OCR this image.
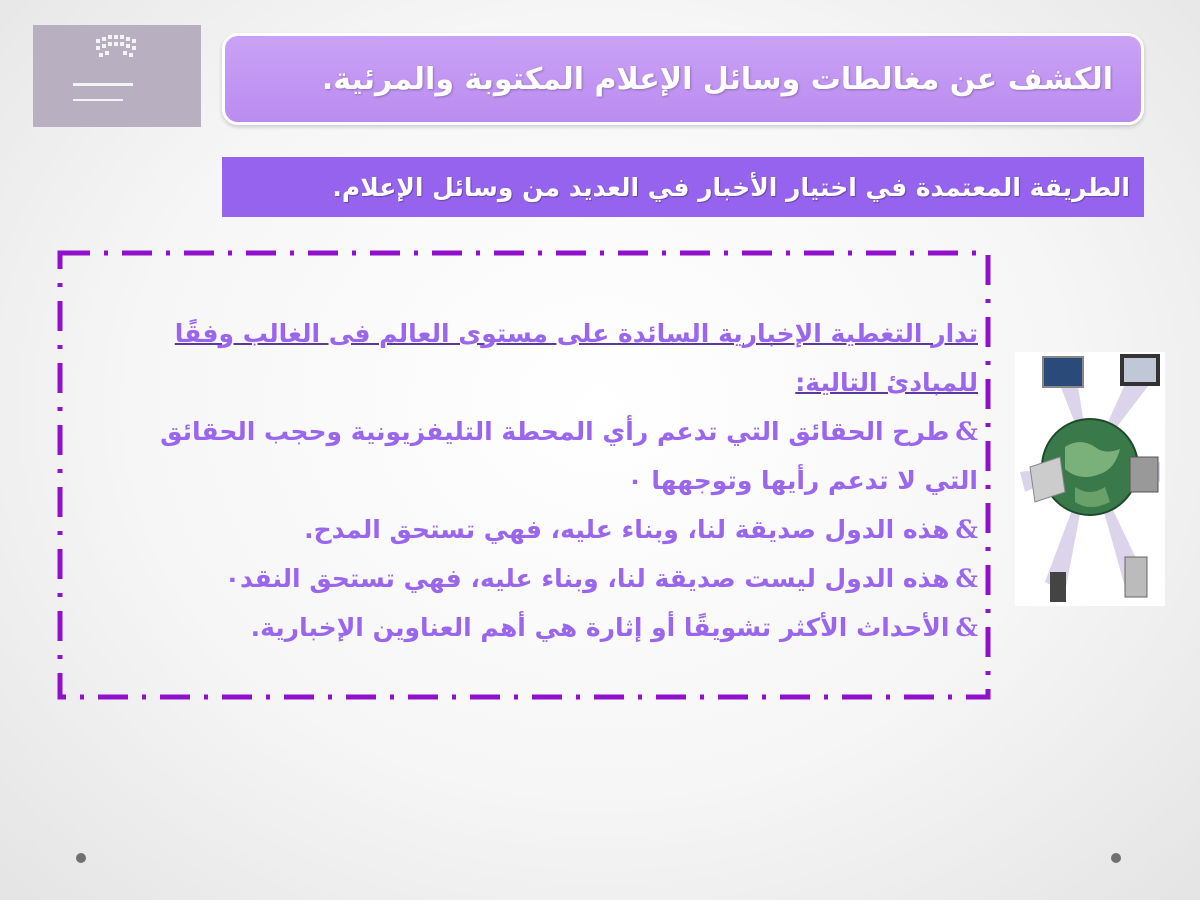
الكشف عن مغالطات وسائل الإعلام المكتوبة والمرئية.
الطريقة المعتمدة في اختيار الأخبار في العديد من وسائل الإعلام.
تدار التغطية الإخبارية السائدة على مستوى العالم فى الغالب وفقًا للمبادئ التالية:
&طرح الحقائق التي تدعم رأي المحطة التليفزيونية وحجب الحقائق التي لا تدعم رأيها وتوجهها ٠
&هذه الدول صديقة لنا، وبناء عليه، فهي تستحق المدح.
&هذه الدول ليست صديقة لنا، وبناء عليه، فهي تستحق النقد٠
&الأحداث الأكثر تشويقًا أو إثارة هي أهم العناوين الإخبارية.
